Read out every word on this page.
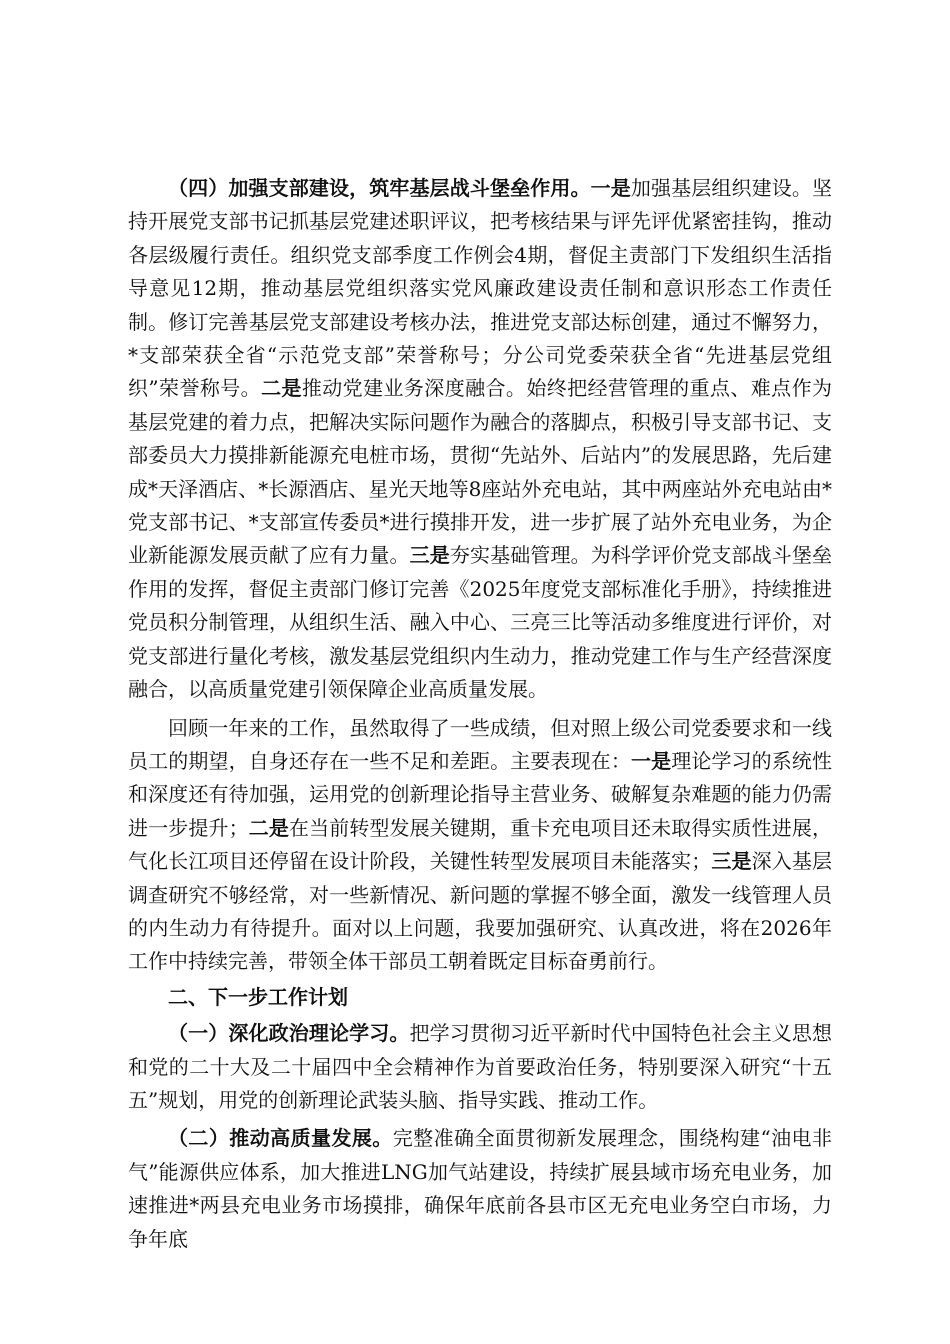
（四）加强支部建设，筑牢基层战斗堡垒作用。一是加强基层组织建设。坚持开展党支部书记抓基层党建述职评议，把考核结果与评先评优紧密挂钩，推动各层级履行责任。组织党支部季度工作例会4期，督促主责部门下发组织生活指导意见12期，推动基层党组织落实党风廉政建设责任制和意识形态工作责任制。修订完善基层党支部建设考核办法，推进党支部达标创建，通过不懈努力，*支部荣获全省“示范党支部”荣誉称号；分公司党委荣获全省“先进基层党组织”荣誉称号。二是推动党建业务深度融合。始终把经营管理的重点、难点作为基层党建的着力点，把解决实际问题作为融合的落脚点，积极引导支部书记、支部委员大力摸排新能源充电桩市场，贯彻“先站外、后站内”的发展思路，先后建成*天泽酒店、*长源酒店、星光天地等8座站外充电站，其中两座站外充电站由*党支部书记、*支部宣传委员*进行摸排开发，进一步扩展了站外充电业务，为企业新能源发展贡献了应有力量。三是夯实基础管理。为科学评价党支部战斗堡垒作用的发挥，督促主责部门修订完善《2025年度党支部标准化手册》，持续推进党员积分制管理，从组织生活、融入中心、三亮三比等活动多维度进行评价，对党支部进行量化考核，激发基层党组织内生动力，推动党建工作与生产经营深度融合，以高质量党建引领保障企业高质量发展。

回顾一年来的工作，虽然取得了一些成绩，但对照上级公司党委要求和一线员工的期望，自身还存在一些不足和差距。主要表现在：一是理论学习的系统性和深度还有待加强，运用党的创新理论指导主营业务、破解复杂难题的能力仍需进一步提升；二是在当前转型发展关键期，重卡充电项目还未取得实质性进展，气化长江项目还停留在设计阶段，关键性转型发展项目未能落实；三是深入基层调查研究不够经常，对一些新情况、新问题的掌握不够全面，激发一线管理人员的内生动力有待提升。面对以上问题，我要加强研究、认真改进，将在2026年工作中持续完善，带领全体干部员工朝着既定目标奋勇前行。

二、下一步工作计划

（一）深化政治理论学习。把学习贯彻习近平新时代中国特色社会主义思想和党的二十大及二十届四中全会精神作为首要政治任务，特别要深入研究“十五五”规划，用党的创新理论武装头脑、指导实践、推动工作。

（二）推动高质量发展。完整准确全面贯彻新发展理念，围绕构建“油电非气”能源供应体系，加大推进LNG加气站建设，持续扩展县域市场充电业务，加速推进*两县充电业务市场摸排，确保年底前各县市区无充电业务空白市场，力争年底
